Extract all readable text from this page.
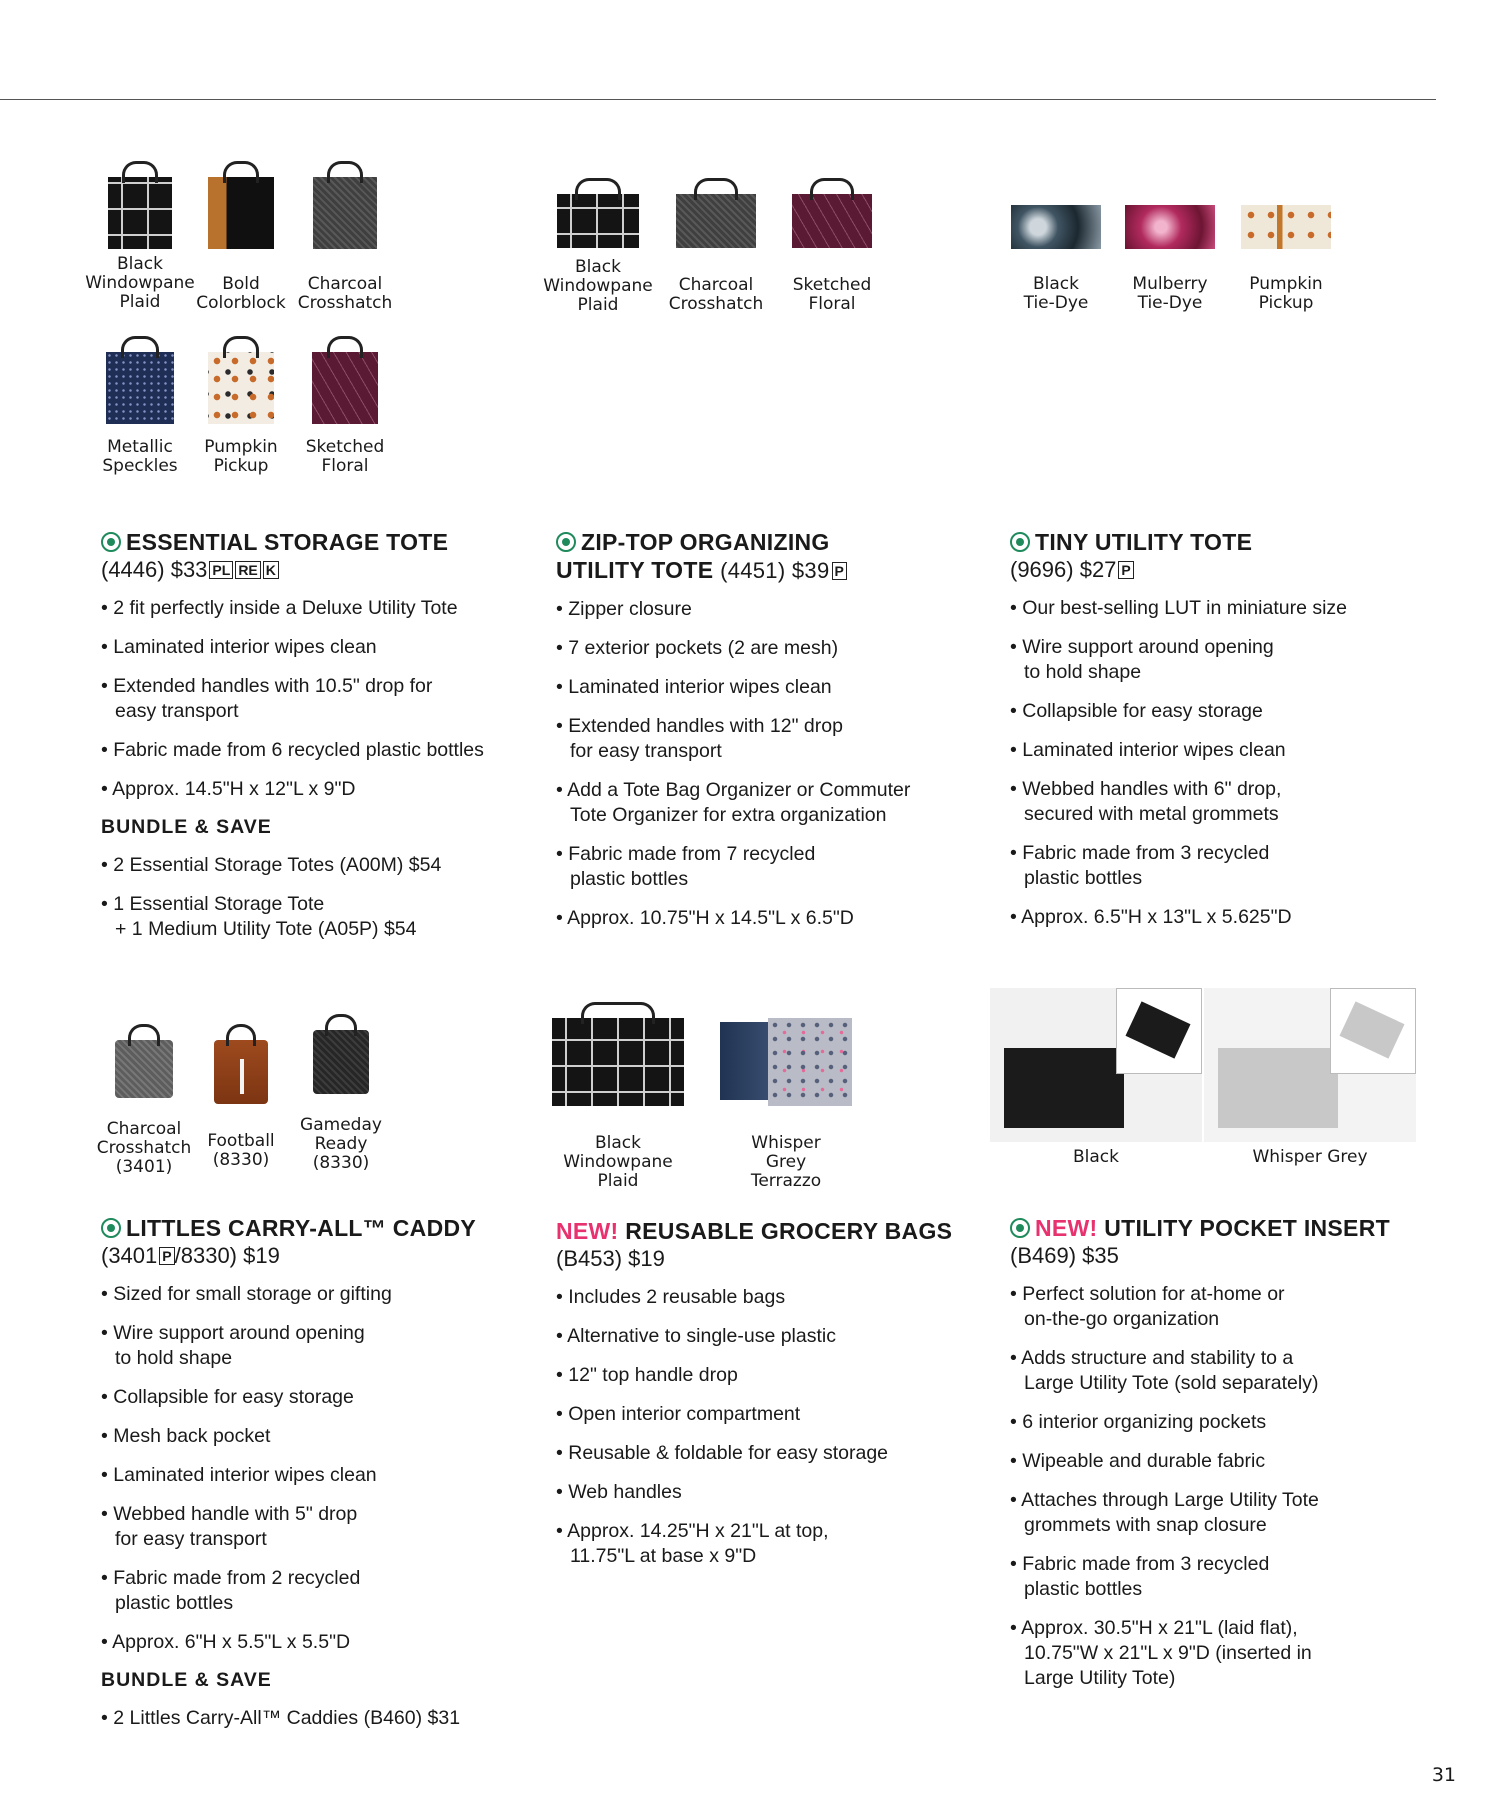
Black
Windowpane
Plaid
Bold
Colorblock
Charcoal
Crosshatch
Metallic
Speckles
Pumpkin
Pickup
Sketched
Floral
Black
Windowpane
Plaid
Charcoal
Crosshatch
Sketched
Floral
Black
Tie-Dye
Mulberry
Tie-Dye
Pumpkin
Pickup
Charcoal
Crosshatch
(3401)
Football
(8330)
Gameday
Ready
(8330)
Black
Windowpane
Plaid
Whisper
Grey
Terrazzo
Black	Whisper Grey
ESSENTIAL STORAGE TOTE
(4446) $33 PL RE K
• 2 fit perfectly inside a Deluxe Utility Tote
• Laminated interior wipes clean
• Extended handles with 10.5" drop for
easy transport
• Fabric made from 6 recycled plastic bottles
• Approx. 14.5"H x 12"L x 9"D
BUNDLE & SAVE
• 2 Essential Storage Totes (A00M) $54
• 1 Essential Storage Tote
+ 1 Medium Utility Tote (A05P) $54
ZIP-TOP ORGANIZING
UTILITY TOTE (4451) $39 P
• Zipper closure
• 7 exterior pockets (2 are mesh)
• Laminated interior wipes clean
• Extended handles with 12" drop
for easy transport
• Add a Tote Bag Organizer or Commuter
Tote Organizer for extra organization
• Fabric made from 7 recycled
plastic bottles
• Approx. 10.75"H x 14.5"L x 6.5"D
TINY UTILITY TOTE
(9696) $27 P
• Our best-selling LUT in miniature size
• Wire support around opening
to hold shape
• Collapsible for easy storage
• Laminated interior wipes clean
• Webbed handles with 6" drop,
secured with metal grommets
• Fabric made from 3 recycled
plastic bottles
• Approx. 6.5"H x 13"L x 5.625"D
LITTLES CARRY-ALL™ CADDY
(3401 P /8330) $19
• Sized for small storage or gifting
• Wire support around opening
to hold shape
• Collapsible for easy storage
• Mesh back pocket
• Laminated interior wipes clean
• Webbed handle with 5" drop
for easy transport
• Fabric made from 2 recycled
plastic bottles
• Approx. 6"H x 5.5"L x 5.5"D
BUNDLE & SAVE
• 2 Littles Carry-All™ Caddies (B460) $31
NEW! REUSABLE GROCERY BAGS
(B453) $19
• Includes 2 reusable bags
• Alternative to single-use plastic
• 12" top handle drop
• Open interior compartment
• Reusable & foldable for easy storage
• Web handles
• Approx. 14.25"H x 21"L at top,
11.75"L at base x 9"D
NEW! UTILITY POCKET INSERT
(B469) $35
• Perfect solution for at-home or
on-the-go organization
• Adds structure and stability to a
Large Utility Tote (sold separately)
• 6 interior organizing pockets
• Wipeable and durable fabric
• Attaches through Large Utility Tote
grommets with snap closure
• Fabric made from 3 recycled
plastic bottles
• Approx. 30.5"H x 21"L (laid flat),
10.75"W x 21"L x 9"D (inserted in
Large Utility Tote)
31
